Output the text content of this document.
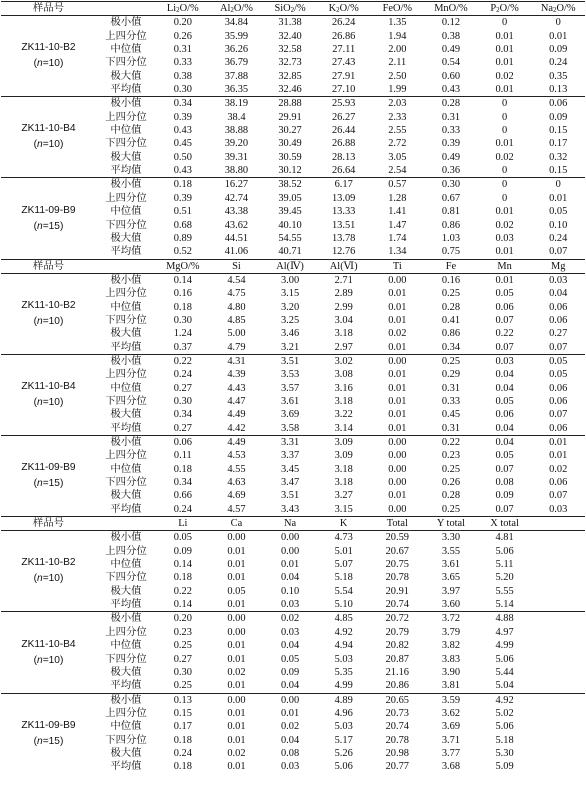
样品号		$Li_2O/\%$	$Al_2O/\%$	SiO$_2$/%	$K_2O/\%$	FeO/%	MnO/%	$P_2O/\%$	$Na_2O/\%$

ZK11-10-B2
(n=10)	极小值	0.20	34.84	31.38	26.24	1.35	0.12	0	0
	上四分位	0.26	35.99	32.40	26.86	1.94	0.38	0.01	0.01
	中位值	0.31	36.26	32.58	27.11	2.00	0.49	0.01	0.09
	下四分位	0.33	36.79	32.73	27.43	2.11	0.54	0.01	0.24
	极大值	0.38	37.88	32.85	27.91	2.50	0.60	0.02	0.35
	平均值	0.30	36.35	32.46	27.10	1.99	0.43	0.01	0.13

ZK11-10-B4
(n=10)	极小值	0.34	38.19	28.88	25.93	2.03	0.28	0	0.06
	上四分位	0.39	38.4	29.91	26.27	2.33	0.31	0	0.09
	中位值	0.43	38.88	30.27	26.44	2.55	0.33	0	0.15
	下四分位	0.45	39.20	30.49	26.88	2.72	0.39	0.01	0.17
	极大值	0.50	39.31	30.59	28.13	3.05	0.49	0.02	0.32
	平均值	0.43	38.80	30.12	26.64	2.54	0.36	0	0.15

ZK11-09-B9
(n=15)	极小值	0.18	16.27	38.52	6.17	0.57	0.30	0	0
	上四分位	0.39	42.74	39.05	13.09	1.28	0.67	0	0.01
	中位值	0.51	43.38	39.45	13.33	1.41	0.81	0.01	0.05
	下四分位	0.68	43.62	40.10	13.51	1.47	0.86	0.02	0.10
	极大值	0.89	44.51	54.55	13.78	1.74	1.03	0.03	0.24
	平均值	0.52	41.06	40.71	12.76	1.34	0.75	0.01	0.07
样品号		MgO/%	Si	Al(Ⅳ)	Al(Ⅵ)	Ti	Fe	Mn	Mg

ZK11-10-B2
(n=10)	极小值	0.14	4.54	3.00	2.71	0.00	0.16	0.01	0.03
	上四分位	0.16	4.75	3.15	2.89	0.01	0.25	0.05	0.04
	中位值	0.18	4.80	3.20	2.99	0.01	0.28	0.06	0.06
	下四分位	0.30	4.85	3.25	3.04	0.01	0.41	0.07	0.06
	极大值	1.24	5.00	3.46	3.18	0.02	0.86	0.22	0.27
	平均值	0.37	4.79	3.21	2.97	0.01	0.34	0.07	0.07

ZK11-10-B4
(n=10)	极小值	0.22	4.31	3.51	3.02	0.00	0.25	0.03	0.05
	上四分位	0.24	4.39	3.53	3.08	0.01	0.29	0.04	0.05
	中位值	0.27	4.43	3.57	3.16	0.01	0.31	0.04	0.06
	下四分位	0.30	4.47	3.61	3.18	0.01	0.33	0.05	0.06
	极大值	0.34	4.49	3.69	3.22	0.01	0.45	0.06	0.07
	平均值	0.27	4.42	3.58	3.14	0.01	0.31	0.04	0.06

ZK11-09-B9
(n=15)	极小值	0.06	4.49	3.31	3.09	0.00	0.22	0.04	0.01
	上四分位	0.11	4.53	3.37	3.09	0.00	0.23	0.05	0.01
	中位值	0.18	4.55	3.45	3.18	0.00	0.25	0.07	0.02
	下四分位	0.34	4.63	3.47	3.18	0.00	0.26	0.08	0.06
	极大值	0.66	4.69	3.51	3.27	0.01	0.28	0.09	0.07
	平均值	0.24	4.57	3.43	3.15	0.00	0.25	0.07	0.03
样品号		Li	Ca	Na	K	Total	Y total	X total	

ZK11-10-B2
(n=10)	极小值	0.05	0.00	0.00	4.73	20.59	3.30	4.81	
	上四分位	0.09	0.01	0.00	5.01	20.67	3.55	5.06	
	中位值	0.14	0.01	0.01	5.07	20.75	3.61	5.11	
	下四分位	0.18	0.01	0.04	5.18	20.78	3.65	5.20	
	极大值	0.22	0.05	0.10	5.54	20.91	3.97	5.55	
	平均值	0.14	0.01	0.03	5.10	20.74	3.60	5.14	

ZK11-10-B4
(n=10)	极小值	0.20	0.00	0.02	4.85	20.72	3.72	4.88	
	上四分位	0.23	0.00	0.03	4.92	20.79	3.79	4.97	
	中位值	0.25	0.01	0.04	4.94	20.82	3.82	4.99	
	下四分位	0.27	0.01	0.05	5.03	20.87	3.83	5.06	
	极大值	0.30	0.02	0.09	5.35	21.16	3.90	5.44	
	平均值	0.25	0.01	0.04	4.99	20.86	3.81	5.04	

ZK11-09-B9
(n=15)	极小值	0.13	0.00	0.00	4.89	20.65	3.59	4.92	
	上四分位	0.15	0.01	0.01	4.96	20.73	3.62	5.02	
	中位值	0.17	0.01	0.02	5.03	20.74	3.69	5.06	
	下四分位	0.18	0.01	0.04	5.17	20.78	3.71	5.18	
	极大值	0.24	0.02	0.08	5.26	20.98	3.77	5.30	
	平均值	0.18	0.01	0.03	5.06	20.77	3.68	5.09	
